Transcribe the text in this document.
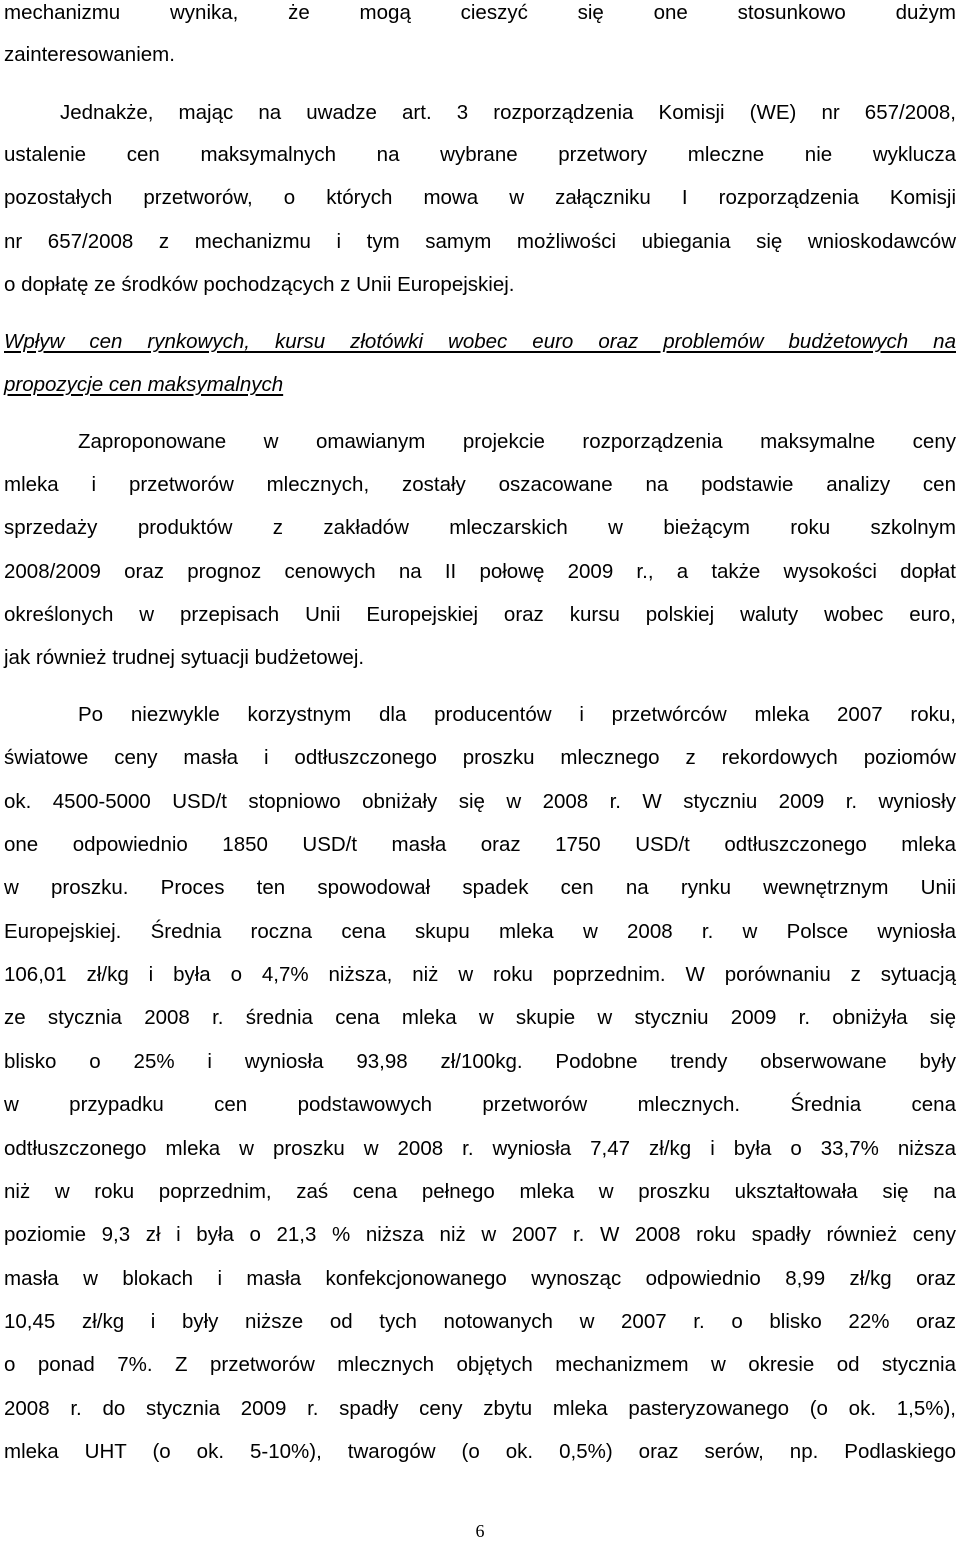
mechanizmu wynika, że mogą cieszyć się one stosunkowo dużym
zainteresowaniem.
Jednakże, mając na uwadze art. 3 rozporządzenia Komisji (WE) nr 657/2008,
ustalenie cen maksymalnych na wybrane przetwory mleczne nie wyklucza
pozostałych przetworów, o których mowa w załączniku I rozporządzenia Komisji
nr 657/2008 z mechanizmu i tym samym możliwości ubiegania się wnioskodawców
o dopłatę ze środków pochodzących z Unii Europejskiej.
Wpływ cen rynkowych, kursu złotówki wobec euro oraz problemów budżetowych na
propozycje cen maksymalnych
Zaproponowane w omawianym projekcie rozporządzenia maksymalne ceny
mleka i przetworów mlecznych, zostały oszacowane na podstawie analizy cen
sprzedaży produktów z zakładów mleczarskich w bieżącym roku szkolnym
2008/2009 oraz prognoz cenowych na II połowę 2009 r., a także wysokości dopłat
określonych w przepisach Unii Europejskiej oraz kursu polskiej waluty wobec euro,
jak również trudnej sytuacji budżetowej.
Po niezwykle korzystnym dla producentów i przetwórców mleka 2007 roku,
światowe ceny masła i odtłuszczonego proszku mlecznego z rekordowych poziomów
ok. 4500-5000 USD/t stopniowo obniżały się w 2008 r. W styczniu 2009 r. wyniosły
one odpowiednio 1850 USD/t masła oraz 1750 USD/t odtłuszczonego mleka
w proszku. Proces ten spowodował spadek cen na rynku wewnętrznym Unii
Europejskiej. Średnia roczna cena skupu mleka w 2008 r. w Polsce wyniosła
106,01 zł/kg i była o 4,7% niższa, niż w roku poprzednim. W porównaniu z sytuacją
ze stycznia 2008 r. średnia cena mleka w skupie w styczniu 2009 r. obniżyła się
blisko o 25% i wyniosła 93,98 zł/100kg. Podobne trendy obserwowane były
w przypadku cen podstawowych przetworów mlecznych. Średnia cena
odtłuszczonego mleka w proszku w 2008 r. wyniosła 7,47 zł/kg i była o 33,7% niższa
niż w roku poprzednim, zaś cena pełnego mleka w proszku ukształtowała się na
poziomie 9,3 zł i była o 21,3 % niższa niż w 2007 r. W 2008 roku spadły również ceny
masła w blokach i masła konfekcjonowanego wynosząc odpowiednio 8,99 zł/kg oraz
10,45 zł/kg i były niższe od tych notowanych w 2007 r. o blisko 22% oraz
o ponad 7%. Z przetworów mlecznych objętych mechanizmem w okresie od stycznia
2008 r. do stycznia 2009 r. spadły ceny zbytu mleka pasteryzowanego (o ok. 1,5%),
mleka UHT (o ok. 5-10%), twarogów (o ok. 0,5%) oraz serów, np. Podlaskiego
6
